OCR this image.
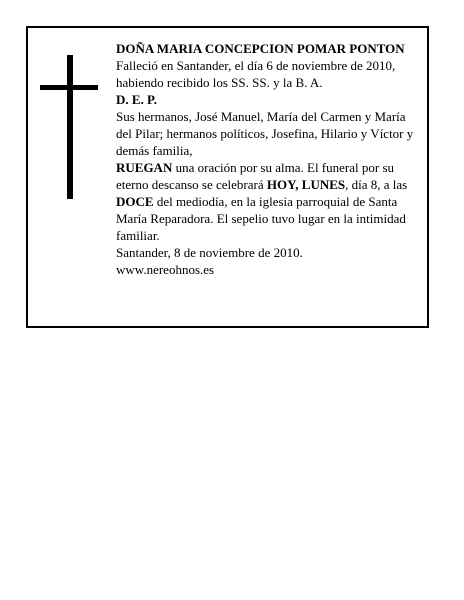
DOÑA MARIA CONCEPCION POMAR PONTON

Falleció en Santander, el día 6 de noviembre de 2010, habiendo recibido los SS. SS. y la B. A.

D. E. P.

Sus hermanos, José Manuel, María del Carmen y María del Pilar; hermanos políticos, Josefina, Hilario y Víctor y demás familia,

RUEGAN una oración por su alma. El funeral por su eterno descanso se celebrará HOY, LUNES, día 8, a las DOCE del mediodía, en la iglesia parroquial de Santa María Reparadora. El sepelio tuvo lugar en la intimidad familiar.

Santander, 8 de noviembre de 2010.

www.nereohnos.es
